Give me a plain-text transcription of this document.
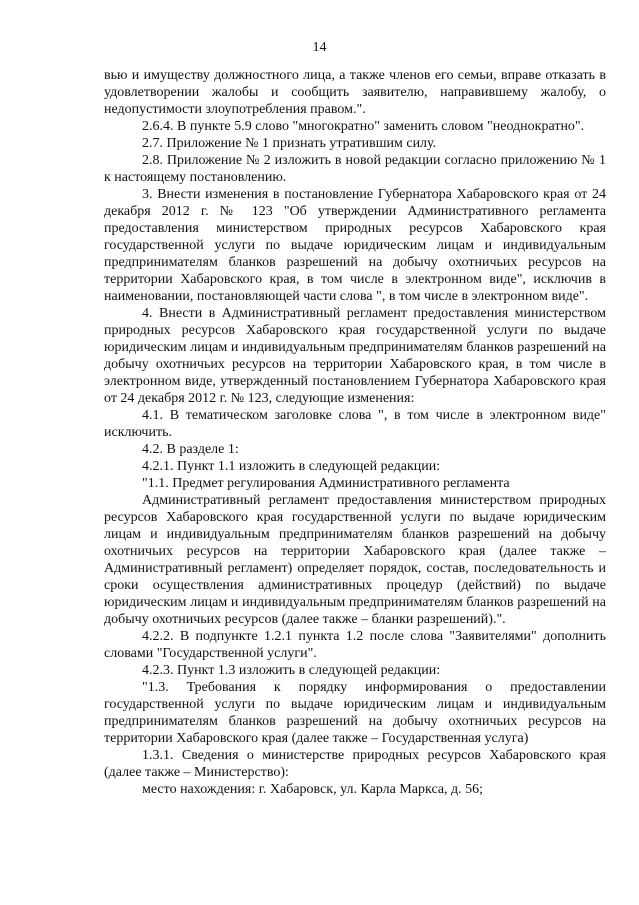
14

вью и имуществу должностного лица, а также членов его семьи, вправе отказать в удовлетворении жалобы и сообщить заявителю, направившему жалобу, о недопустимости злоупотребления правом.".

2.6.4. В пункте 5.9 слово "многократно" заменить словом "неоднократно".

2.7. Приложение № 1 признать утратившим силу.

2.8. Приложение № 2 изложить в новой редакции согласно приложению № 1 к настоящему постановлению.

3. Внести изменения в постановление Губернатора Хабаровского края от 24 декабря 2012 г. № 123 "Об утверждении Административного регламента предоставления министерством природных ресурсов Хабаровского края государственной услуги по выдаче юридическим лицам и индивидуальным предпринимателям бланков разрешений на добычу охотничьих ресурсов на территории Хабаровского края, в том числе в электронном виде", исключив в наименовании, постановляющей части слова ", в том числе в электронном виде".

4. Внести в Административный регламент предоставления министерством природных ресурсов Хабаровского края государственной услуги по выдаче юридическим лицам и индивидуальным предпринимателям бланков разрешений на добычу охотничьих ресурсов на территории Хабаровского края, в том числе в электронном виде, утвержденный постановлением Губернатора Хабаровского края от 24 декабря 2012 г. № 123, следующие изменения:

4.1. В тематическом заголовке слова ", в том числе в электронном виде" исключить.

4.2. В разделе 1:

4.2.1. Пункт 1.1 изложить в следующей редакции:

"1.1. Предмет регулирования Административного регламента

Административный регламент предоставления министерством природных ресурсов Хабаровского края государственной услуги по выдаче юридическим лицам и индивидуальным предпринимателям бланков разрешений на добычу охотничьих ресурсов на территории Хабаровского края (далее также – Административный регламент) определяет порядок, состав, последовательность и сроки осуществления административных процедур (действий) по выдаче юридическим лицам и индивидуальным предпринимателям бланков разрешений на добычу охотничьих ресурсов (далее также – бланки разрешений).".

4.2.2. В подпункте 1.2.1 пункта 1.2 после слова "Заявителями" дополнить словами "Государственной услуги".

4.2.3. Пункт 1.3 изложить в следующей редакции:

"1.3. Требования к порядку информирования о предоставлении государственной услуги по выдаче юридическим лицам и индивидуальным предпринимателям бланков разрешений на добычу охотничьих ресурсов на территории Хабаровского края (далее также – Государственная услуга)

1.3.1. Сведения о министерстве природных ресурсов Хабаровского края (далее также – Министерство):

место нахождения: г. Хабаровск, ул. Карла Маркса, д. 56;
